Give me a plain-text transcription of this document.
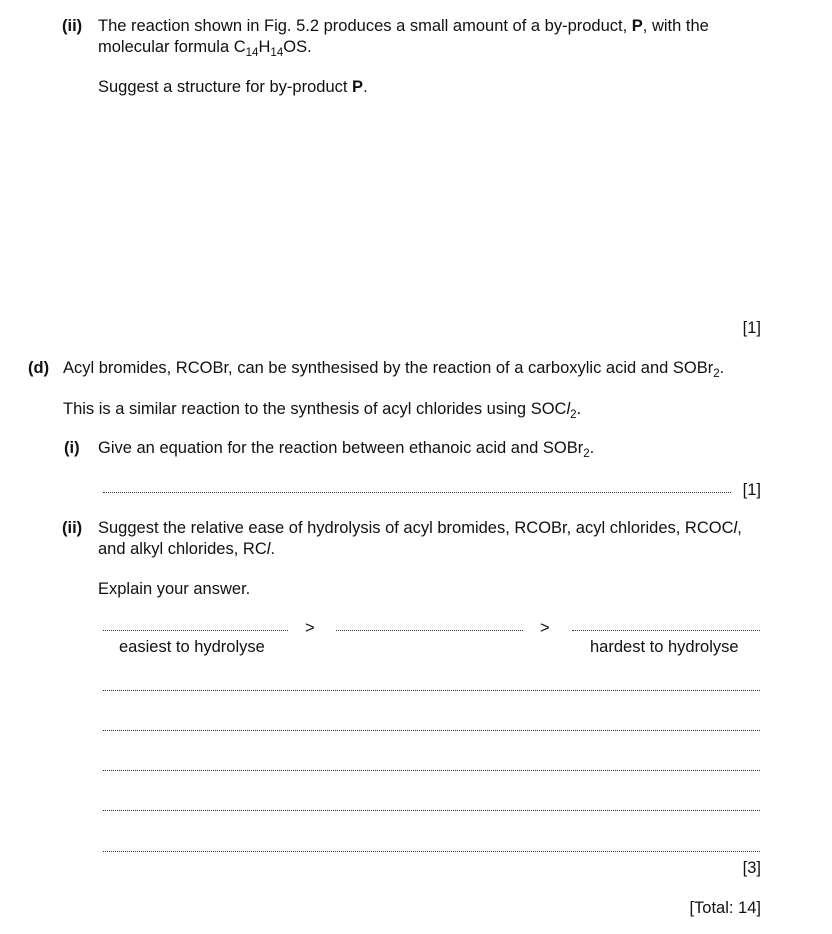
(ii) The reaction shown in Fig. 5.2 produces a small amount of a by-product, P, with the
molecular formula $C_{14}H_{14}OS$.
Suggest a structure for by-product P.
[1]
(d) Acyl bromides, RCOBr, can be synthesised by the reaction of a carboxylic acid and SOBr$_2$.
This is a similar reaction to the synthesis of acyl chlorides using SOCl$_2$.
(i) Give an equation for the reaction between ethanoic acid and SOBr$_2$.
[1]
(ii) Suggest the relative ease of hydrolysis of acyl bromides, RCOBr, acyl chlorides, RCOCl,
and alkyl chlorides, RCl.
Explain your answer.
>	>
easiest to hydrolyse	hardest to hydrolyse
[3]
[Total: 14]
